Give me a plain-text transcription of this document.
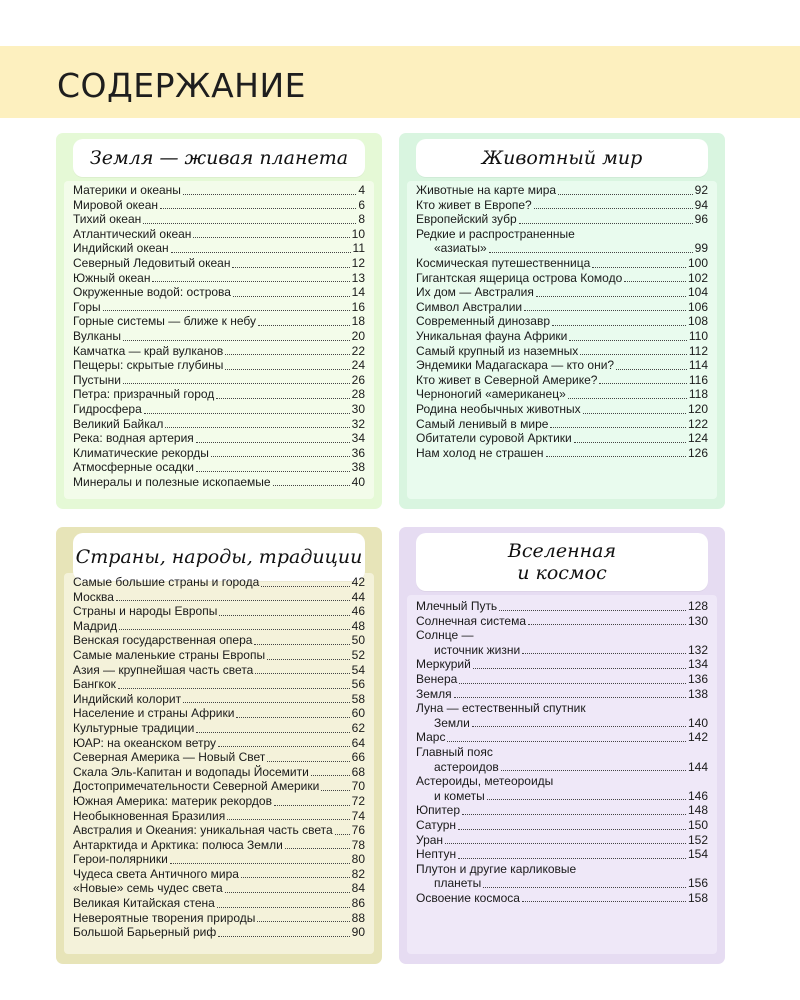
СОДЕРЖАНИЕ
Земля — живая планета
Материки и океаны	4
Мировой океан	6
Тихий океан	8
Атлантический океан	10
Индийский океан	11
Северный Ледовитый океан	12
Южный океан	13
Окруженные водой: острова	14
Горы	16
Горные системы — ближе к небу	18
Вулканы	20
Камчатка — край вулканов	22
Пещеры: скрытые глубины	24
Пустыни	26
Петра: призрачный город	28
Гидросфера	30
Великий Байкал	32
Река: водная артерия	34
Климатические рекорды	36
Атмосферные осадки	38
Минералы и полезные ископаемые	40
Животный мир
Животные на карте мира	92
Кто живет в Европе?	94
Европейский зубр	96
Редкие и распространенные
«азиаты»	99
Космическая путешественница	100
Гигантская ящерица острова Комодо	102
Их дом — Австралия	104
Символ Австралии	106
Современный динозавр	108
Уникальная фауна Африки	110
Самый крупный из наземных	112
Эндемики Мадагаскара — кто они?	114
Кто живет в Северной Америке?	116
Черноногий «американец»	118
Родина необычных животных	120
Самый ленивый в мире	122
Обитатели суровой Арктики	124
Нам холод не страшен	126
Страны, народы, традиции
Самые большие страны и города	42
Москва	44
Страны и народы Европы	46
Мадрид	48
Венская государственная опера	50
Самые маленькие страны Европы	52
Азия — крупнейшая часть света	54
Бангкок	56
Индийский колорит	58
Население и страны Африки	60
Культурные традиции	62
ЮАР: на океанском ветру	64
Северная Америка — Новый Свет	66
Скала Эль-Капитан и водопады Йосемити	68
Достопримечательности Северной Америки	70
Южная Америка: материк рекордов	72
Необыкновенная Бразилия	74
Австралия и Океания: уникальная часть света 76
Антарктида и Арктика: полюса Земли	78
Герои-полярники	80
Чудеса света Античного мира	82
«Новые» семь чудес света	84
Великая Китайская стена	86
Невероятные творения природы	88
Большой Барьерный риф	90
Вселенная
и космос
Млечный Путь	128
Солнечная система	130
Солнце —
источник жизни	132
Меркурий	134
Венера	136
Земля	138
Луна — естественный спутник
Земли	140
Марс	142
Главный пояс
астероидов	144
Астероиды, метеороиды
и кометы	146
Юпитер	148
Сатурн	150
Уран	152
Нептун	154
Плутон и другие карликовые
планеты	156
Освоение космоса	158
